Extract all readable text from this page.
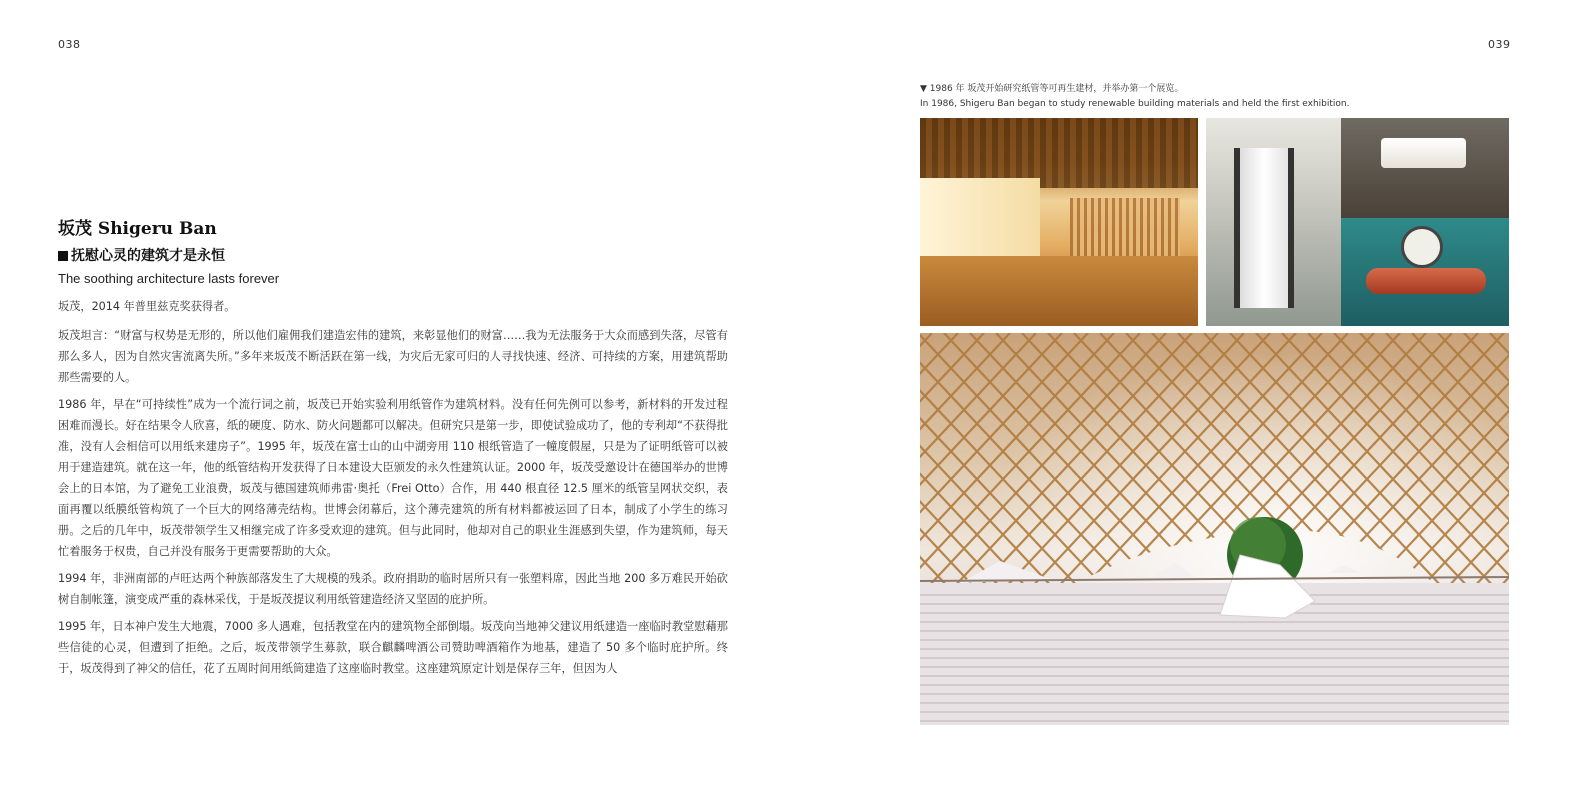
038	039
坂茂 Shigeru Ban
抚慰心灵的建筑才是永恒
The soothing architecture lasts forever

坂茂，2014 年普里兹克奖获得者。

坂茂坦言：“财富与权势是无形的，所以他们雇佣我们建造宏伟的建筑，来彰显他们的财富……我为无法服务于大众而感到失落，尽管有那么多人，因为自然灾害流离失所。”多年来坂茂不断活跃在第一线，为灾后无家可归的人寻找快速、经济、可持续的方案，用建筑帮助那些需要的人。

1986 年，早在“可持续性”成为一个流行词之前，坂茂已开始实验利用纸管作为建筑材料。没有任何先例可以参考，新材料的开发过程困难而漫长。好在结果令人欣喜，纸的硬度、防水、防火问题都可以解决。但研究只是第一步，即使试验成功了，他的专利却“不获得批准，没有人会相信可以用纸来建房子”。1995 年，坂茂在富士山的山中湖旁用 110 根纸管造了一幢度假屋，只是为了证明纸管可以被用于建造建筑。就在这一年，他的纸管结构开发获得了日本建设大臣颁发的永久性建筑认证。2000 年，坂茂受邀设计在德国举办的世博会上的日本馆，为了避免工业浪费，坂茂与德国建筑师弗雷·奥托（Frei Otto）合作，用 440 根直径 12.5 厘米的纸管呈网状交织，表面再覆以纸膜纸管构筑了一个巨大的网络薄壳结构。世博会闭幕后，这个薄壳建筑的所有材料都被运回了日本，制成了小学生的练习册。之后的几年中，坂茂带领学生又相继完成了许多受欢迎的建筑。但与此同时，他却对自己的职业生涯感到失望，作为建筑师，每天忙着服务于权贵，自己并没有服务于更需要帮助的大众。

1994 年，非洲南部的卢旺达两个种族部落发生了大规模的残杀。政府捐助的临时居所只有一张塑料席，因此当地 200 多万难民开始砍树自制帐篷，演变成严重的森林采伐，于是坂茂提议利用纸管建造经济又坚固的庇护所。

1995 年，日本神户发生大地震，7000 多人遇难，包括教堂在内的建筑物全部倒塌。坂茂向当地神父建议用纸建造一座临时教堂慰藉那些信徒的心灵，但遭到了拒绝。之后，坂茂带领学生募款，联合麒麟啤酒公司赞助啤酒箱作为地基，建造了 50 多个临时庇护所。终于，坂茂得到了神父的信任，花了五周时间用纸筒建造了这座临时教堂。这座建筑原定计划是保存三年，但因为人

▼ 1986 年 坂茂开始研究纸管等可再生建材，并举办第一个展览。
In 1986, Shigeru Ban began to study renewable building materials and held the first exhibition.
